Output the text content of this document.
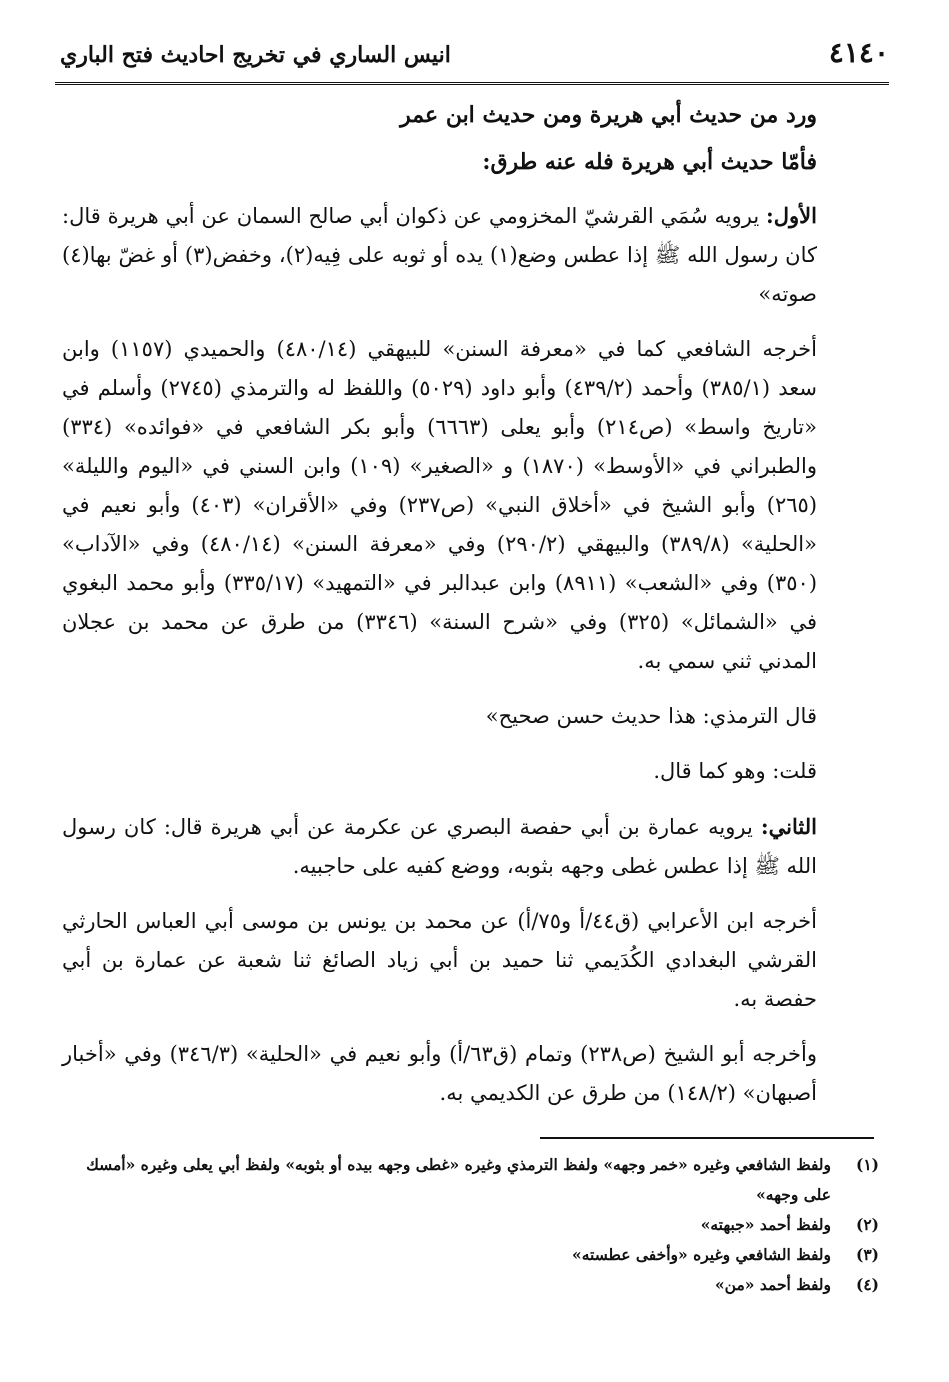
٤١٤٠
انيس الساري في تخريج احاديث فتح الباري

ورد من حديث أبي هريرة ومن حديث ابن عمر

فأمّا حديث أبي هريرة فله عنه طرق:

الأول: يرويه سُمَي القرشيّ المخزومي عن ذكوان أبي صالح السمان عن أبي هريرة قال: كان رسول الله ﷺ إذا عطس وضع(١) يده أو ثوبه على فِيه(٢)، وخفض(٣) أو غضّ بها(٤) صوته»

أخرجه الشافعي كما في «معرفة السنن» للبيهقي (٤٨٠/١٤) والحميدي (١١٥٧) وابن سعد (٣٨٥/١) وأحمد (٤٣٩/٢) وأبو داود (٥٠٢٩) واللفظ له والترمذي (٢٧٤٥) وأسلم في «تاريخ واسط» (ص٢١٤) وأبو يعلى (٦٦٦٣) وأبو بكر الشافعي في «فوائده» (٣٣٤) والطبراني في «الأوسط» (١٨٧٠) و «الصغير» (١٠٩) وابن السني في «اليوم والليلة» (٢٦٥) وأبو الشيخ في «أخلاق النبي» (ص٢٣٧) وفي «الأقران» (٤٠٣) وأبو نعيم في «الحلية» (٣٨٩/٨) والبيهقي (٢٩٠/٢) وفي «معرفة السنن» (٤٨٠/١٤) وفي «الآداب» (٣٥٠) وفي «الشعب» (٨٩١١) وابن عبدالبر في «التمهيد» (٣٣٥/١٧) وأبو محمد البغوي في «الشمائل» (٣٢٥) وفي «شرح السنة» (٣٣٤٦) من طرق عن محمد بن عجلان المدني ثني سمي به.

قال الترمذي: هذا حديث حسن صحيح»

قلت: وهو كما قال.

الثاني: يرويه عمارة بن أبي حفصة البصري عن عكرمة عن أبي هريرة قال: كان رسول الله ﷺ إذا عطس غطى وجهه بثوبه، ووضع كفيه على حاجبيه.

أخرجه ابن الأعرابي (ق٤٤/أ و٧٥/أ) عن محمد بن يونس بن موسى أبي العباس الحارثي القرشي البغدادي الكُدَيمي ثنا حميد بن أبي زياد الصائغ ثنا شعبة عن عمارة بن أبي حفصة به.

وأخرجه أبو الشيخ (ص٢٣٨) وتمام (ق٦٣/أ) وأبو نعيم في «الحلية» (٣٤٦/٣) وفي «أخبار أصبهان» (١٤٨/٢) من طرق عن الكديمي به.

(١)
ولفظ الشافعي وغيره «خمر وجهه» ولفظ الترمذي وغيره «غطى وجهه بيده أو بثوبه» ولفظ أبي يعلى وغيره «أمسك على وجهه»
(٢)
ولفظ أحمد «جبهته»
(٣)
ولفظ الشافعي وغيره «وأخفى عطسته»
(٤)
ولفظ أحمد «من»
